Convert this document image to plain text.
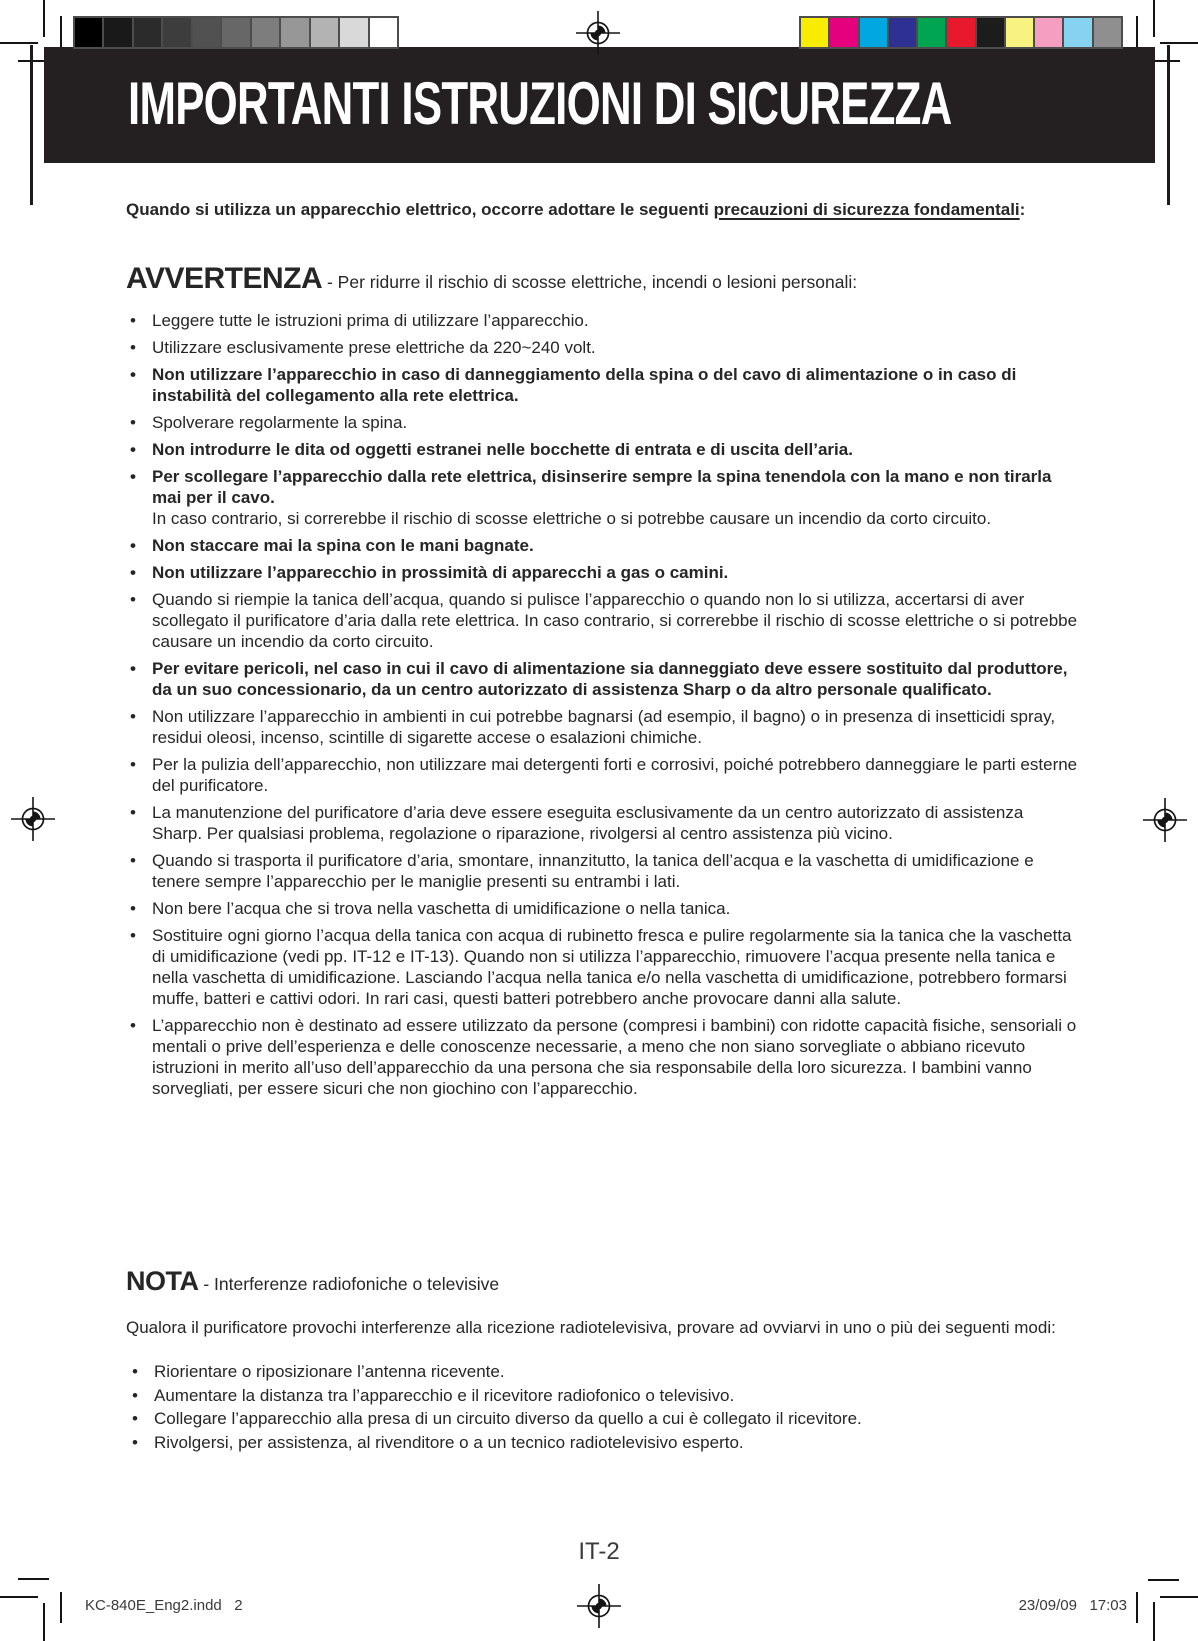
IMPORTANTI ISTRUZIONI DI SICUREZZA
Quando si utilizza un apparecchio elettrico, occorre adottare le seguenti precauzioni di sicurezza fondamentali:
AVVERTENZA - Per ridurre il rischio di scosse elettriche, incendi o lesioni personali:
• Leggere tutte le istruzioni prima di utilizzare l’apparecchio.
• Utilizzare esclusivamente prese elettriche da 220~240 volt.
• Non utilizzare l’apparecchio in caso di danneggiamento della spina o del cavo di alimentazione o in caso di instabilità del collegamento alla rete elettrica.
• Spolverare regolarmente la spina.
• Non introdurre le dita od oggetti estranei nelle bocchette di entrata e di uscita dell’aria.
• Per scollegare l’apparecchio dalla rete elettrica, disinserire sempre la spina tenendola con la mano e non tirarla mai per il cavo.
In caso contrario, si correrebbe il rischio di scosse elettriche o si potrebbe causare un incendio da corto circuito.
• Non staccare mai la spina con le mani bagnate.
• Non utilizzare l’apparecchio in prossimità di apparecchi a gas o camini.
• Quando si riempie la tanica dell’acqua, quando si pulisce l’apparecchio o quando non lo si utilizza, accertarsi di aver scollegato il purificatore d’aria dalla rete elettrica. In caso contrario, si correrebbe il rischio di scosse elettriche o si potrebbe causare un incendio da corto circuito.
• Per evitare pericoli, nel caso in cui il cavo di alimentazione sia danneggiato deve essere sostituito dal produttore, da un suo concessionario, da un centro autorizzato di assistenza Sharp o da altro personale qualificato.
• Non utilizzare l’apparecchio in ambienti in cui potrebbe bagnarsi (ad esempio, il bagno) o in presenza di insetticidi spray, residui oleosi, incenso, scintille di sigarette accese o esalazioni chimiche.
• Per la pulizia dell’apparecchio, non utilizzare mai detergenti forti e corrosivi, poiché potrebbero danneggiare le parti esterne del purificatore.
• La manutenzione del purificatore d’aria deve essere eseguita esclusivamente da un centro autorizzato di assistenza Sharp. Per qualsiasi problema, regolazione o riparazione, rivolgersi al centro assistenza più vicino.
• Quando si trasporta il purificatore d’aria, smontare, innanzitutto, la tanica dell’acqua e la vaschetta di umidificazione e tenere sempre l’apparecchio per le maniglie presenti su entrambi i lati.
• Non bere l’acqua che si trova nella vaschetta di umidificazione o nella tanica.
• Sostituire ogni giorno l’acqua della tanica con acqua di rubinetto fresca e pulire regolarmente sia la tanica che la vaschetta di umidificazione (vedi pp. IT-12 e IT-13). Quando non si utilizza l’apparecchio, rimuovere l’acqua presente nella tanica e nella vaschetta di umidificazione. Lasciando l’acqua nella tanica e/o nella vaschetta di umidificazione, potrebbero formarsi muffe, batteri e cattivi odori. In rari casi, questi batteri potrebbero anche provocare danni alla salute.
• L’apparecchio non è destinato ad essere utilizzato da persone (compresi i bambini) con ridotte capacità fisiche, sensoriali o mentali o prive dell’esperienza e delle conoscenze necessarie, a meno che non siano sorvegliate o abbiano ricevuto istruzioni in merito all’uso dell’apparecchio da una persona che sia responsabile della loro sicurezza. I bambini vanno sorvegliati, per essere sicuri che non giochino con l’apparecchio.
NOTA - Interferenze radiofoniche o televisive
Qualora il purificatore provochi interferenze alla ricezione radiotelevisiva, provare ad ovviarvi in uno o più dei seguenti modi:
• Riorientare o riposizionare l’antenna ricevente.
• Aumentare la distanza tra l’apparecchio e il ricevitore radiofonico o televisivo.
• Collegare l’apparecchio alla presa di un circuito diverso da quello a cui è collegato il ricevitore.
• Rivolgersi, per assistenza, al rivenditore o a un tecnico radiotelevisivo esperto.
IT-2
KC-840E_Eng2.indd   2	23/09/09   17:03
